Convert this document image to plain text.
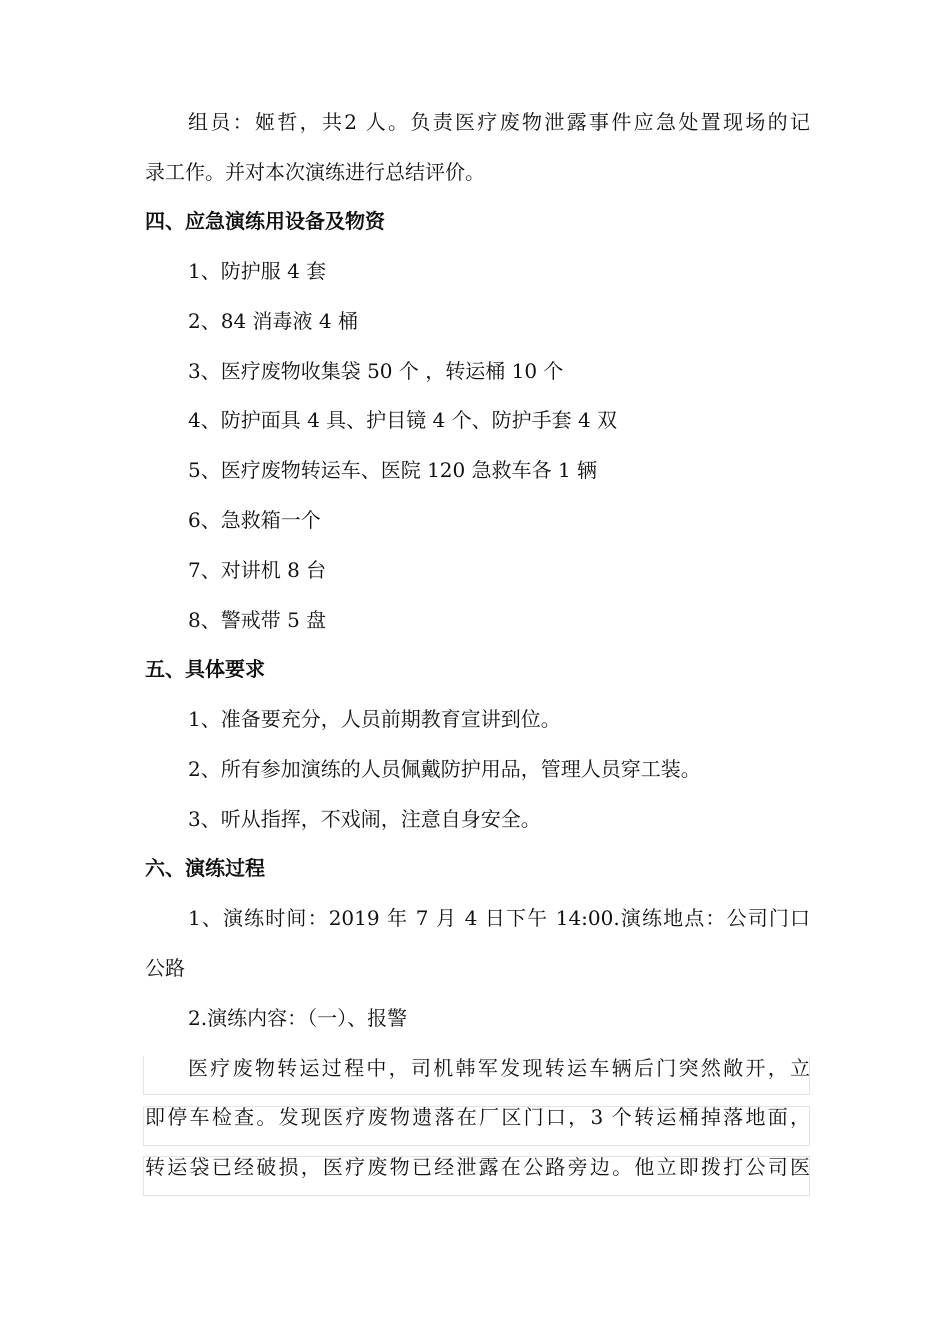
组员：姬哲，共2 人。负责医疗废物泄露事件应急处置现场的记
录工作。并对本次演练进行总结评价。
四、应急演练用设备及物资
1、防护服 4 套
2、84 消毒液 4 桶
3、医疗废物收集袋 50 个 ，转运桶 10 个
4、防护面具 4 具、护目镜 4 个、防护手套 4 双
5、医疗废物转运车、医院 120 急救车各 1 辆
6、急救箱一个
7、对讲机 8 台
8、警戒带 5 盘
五、具体要求
1、准备要充分，人员前期教育宣讲到位。
2、所有参加演练的人员佩戴防护用品，管理人员穿工装。
3、听从指挥，不戏闹，注意自身安全。
六、演练过程
1、演练时间：2019 年 7 月 4 日下午 14:00.演练地点：公司门口
公路
2.演练内容：（一）、报警
医疗废物转运过程中，司机韩军发现转运车辆后门突然敞开，立
即停车检查。发现医疗废物遗落在厂区门口，3 个转运桶掉落地面，
转运袋已经破损，医疗废物已经泄露在公路旁边。他立即拨打公司医
